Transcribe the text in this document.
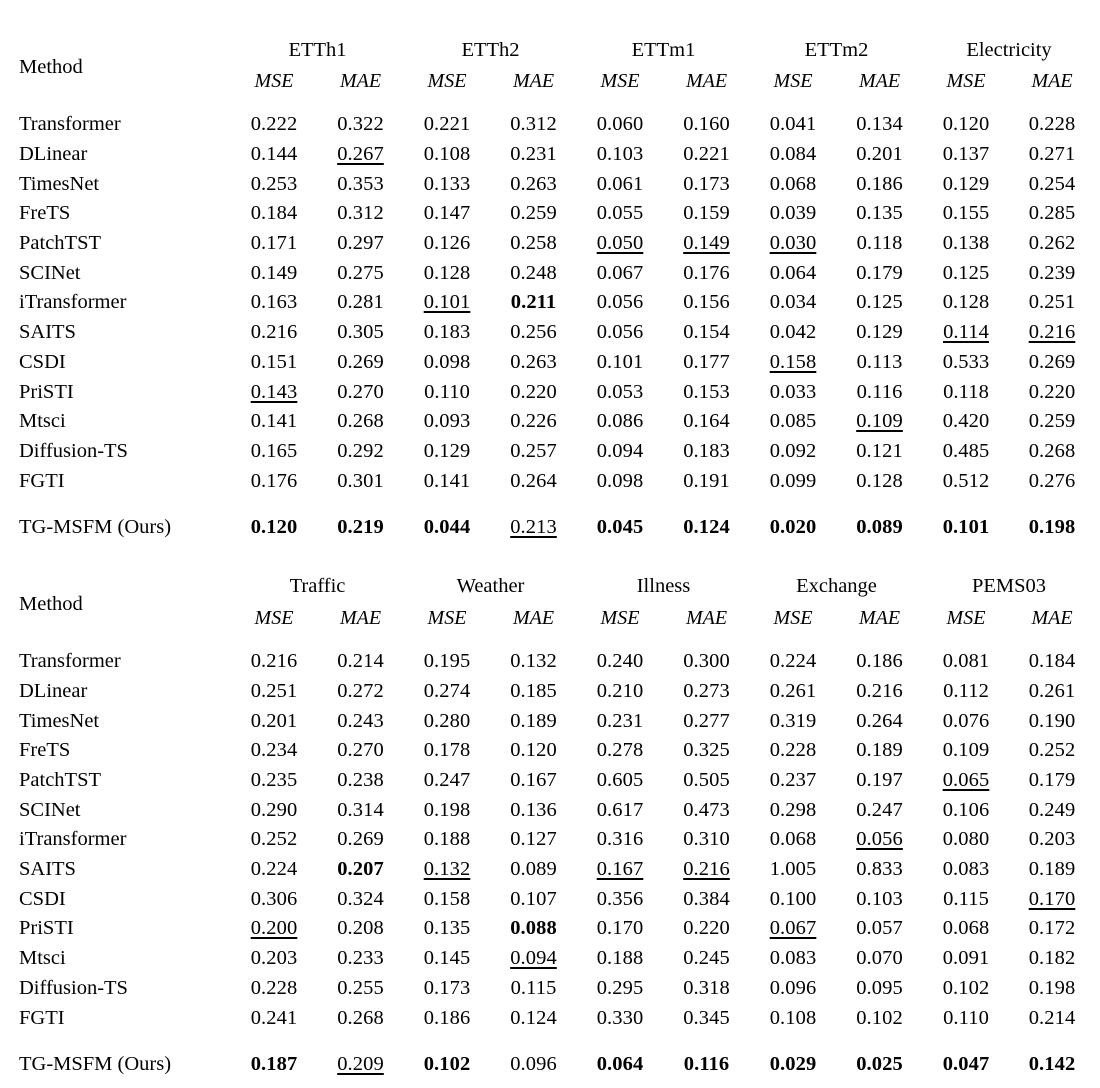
Method	ETTh1		ETTh2		ETTm1		ETTm2		Electricity	
	MSE	MAE	MSE	MAE	MSE	MAE	MSE	MAE	MSE	MAE

Transformer	0.222	0.322	0.221	0.312	0.060	0.160	0.041	0.134	0.120	0.228
DLinear	0.144	0.267	0.108	0.231	0.103	0.221	0.084	0.201	0.137	0.271
TimesNet	0.253	0.353	0.133	0.263	0.061	0.173	0.068	0.186	0.129	0.254
FreTS	0.184	0.312	0.147	0.259	0.055	0.159	0.039	0.135	0.155	0.285
PatchTST	0.171	0.297	0.126	0.258	0.050	0.149	0.030	0.118	0.138	0.262
SCINet	0.149	0.275	0.128	0.248	0.067	0.176	0.064	0.179	0.125	0.239
iTransformer	0.163	0.281	0.101	0.211	0.056	0.156	0.034	0.125	0.128	0.251
SAITS	0.216	0.305	0.183	0.256	0.056	0.154	0.042	0.129	0.114	0.216
CSDI	0.151	0.269	0.098	0.263	0.101	0.177	0.158	0.113	0.533	0.269
PriSTI	0.143	0.270	0.110	0.220	0.053	0.153	0.033	0.116	0.118	0.220
Mtsci	0.141	0.268	0.093	0.226	0.086	0.164	0.085	0.109	0.420	0.259
Diffusion-TS	0.165	0.292	0.129	0.257	0.094	0.183	0.092	0.121	0.485	0.268
FGTI	0.176	0.301	0.141	0.264	0.098	0.191	0.099	0.128	0.512	0.276

TG-MSFM (Ours)	0.120	0.219	0.044	0.213	0.045	0.124	0.020	0.089	0.101	0.198

Method	Traffic		Weather		Illness		Exchange		PEMS03	
	MSE	MAE	MSE	MAE	MSE	MAE	MSE	MAE	MSE	MAE

Transformer	0.216	0.214	0.195	0.132	0.240	0.300	0.224	0.186	0.081	0.184
DLinear	0.251	0.272	0.274	0.185	0.210	0.273	0.261	0.216	0.112	0.261
TimesNet	0.201	0.243	0.280	0.189	0.231	0.277	0.319	0.264	0.076	0.190
FreTS	0.234	0.270	0.178	0.120	0.278	0.325	0.228	0.189	0.109	0.252
PatchTST	0.235	0.238	0.247	0.167	0.605	0.505	0.237	0.197	0.065	0.179
SCINet	0.290	0.314	0.198	0.136	0.617	0.473	0.298	0.247	0.106	0.249
iTransformer	0.252	0.269	0.188	0.127	0.316	0.310	0.068	0.056	0.080	0.203
SAITS	0.224	0.207	0.132	0.089	0.167	0.216	1.005	0.833	0.083	0.189
CSDI	0.306	0.324	0.158	0.107	0.356	0.384	0.100	0.103	0.115	0.170
PriSTI	0.200	0.208	0.135	0.088	0.170	0.220	0.067	0.057	0.068	0.172
Mtsci	0.203	0.233	0.145	0.094	0.188	0.245	0.083	0.070	0.091	0.182
Diffusion-TS	0.228	0.255	0.173	0.115	0.295	0.318	0.096	0.095	0.102	0.198
FGTI	0.241	0.268	0.186	0.124	0.330	0.345	0.108	0.102	0.110	0.214

TG-MSFM (Ours)	0.187	0.209	0.102	0.096	0.064	0.116	0.029	0.025	0.047	0.142
